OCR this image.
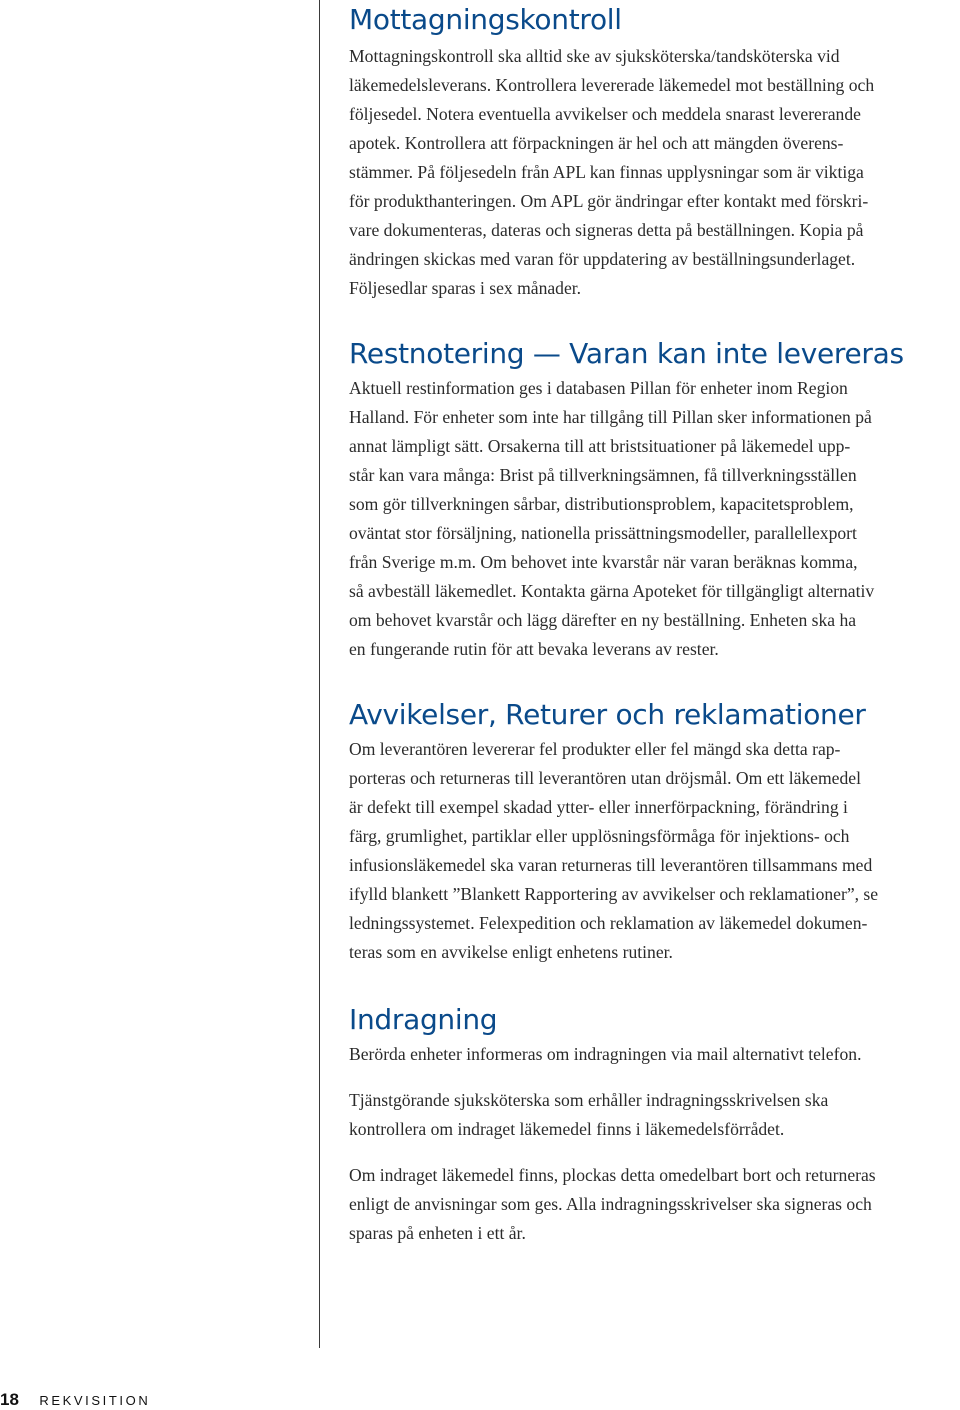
Mottagningskontroll

Mottagningskontroll ska alltid ske av sjuksköterska/tandsköterska vid
läkemedelsleverans. Kontrollera levererade läkemedel mot beställning och
följesedel. Notera eventuella avvikelser och meddela snarast levererande
apotek. Kontrollera att förpackningen är hel och att mängden överens-
stämmer. På följesedeln från APL kan finnas upplysningar som är viktiga
för produkthanteringen. Om APL gör ändringar efter kontakt med förskri-
vare dokumenteras, dateras och signeras detta på beställningen. Kopia på
ändringen skickas med varan för uppdatering av beställningsunderlaget.
Följesedlar sparas i sex månader.

Restnotering — Varan kan inte levereras

Aktuell restinformation ges i databasen Pillan för enheter inom Region
Halland. För enheter som inte har tillgång till Pillan sker informationen på
annat lämpligt sätt. Orsakerna till att bristsituationer på läkemedel upp-
står kan vara många: Brist på tillverkningsämnen, få tillverkningsställen
som gör tillverkningen sårbar, distributionsproblem, kapacitetsproblem,
oväntat stor försäljning, nationella prissättningsmodeller, parallellexport
från Sverige m.m. Om behovet inte kvarstår när varan beräknas komma,
så avbeställ läkemedlet. Kontakta gärna Apoteket för tillgängligt alternativ
om behovet kvarstår och lägg därefter en ny beställning. Enheten ska ha
en fungerande rutin för att bevaka leverans av rester.

Avvikelser, Returer och reklamationer

Om leverantören levererar fel produkter eller fel mängd ska detta rap-
porteras och returneras till leverantören utan dröjsmål. Om ett läkemedel
är defekt till exempel skadad ytter- eller innerförpackning, förändring i
färg, grumlighet, partiklar eller upplösningsförmåga för injektions- och
infusionsläkemedel ska varan returneras till leverantören tillsammans med
ifylld blankett ”Blankett Rapportering av avvikelser och reklamationer”, se
ledningssystemet. Felexpedition och reklamation av läkemedel dokumen-
teras som en avvikelse enligt enhetens rutiner.

Indragning

Berörda enheter informeras om indragningen via mail alternativt telefon.

Tjänstgörande sjuksköterska som erhåller indragningsskrivelsen ska
kontrollera om indraget läkemedel finns i läkemedelsförrådet.

Om indraget läkemedel finns, plockas detta omedelbart bort och returneras
enligt de anvisningar som ges. Alla indragningsskrivelser ska signeras och
sparas på enheten i ett år.

18 REKVISITION
